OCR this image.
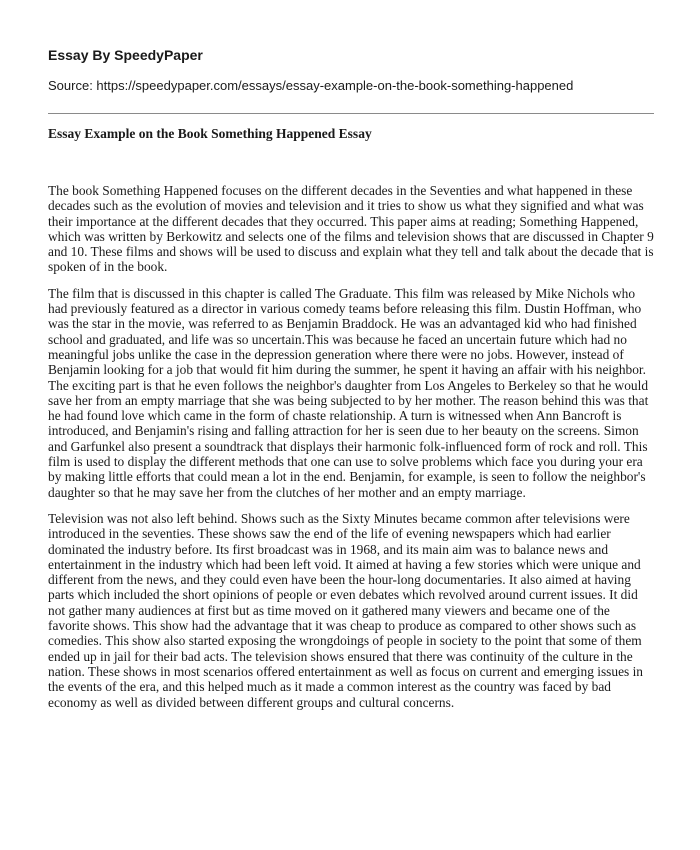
Essay By SpeedyPaper
Source: https://speedypaper.com/essays/essay-example-on-the-book-something-happened
Essay Example on the Book Something Happened Essay

The book Something Happened focuses on the different decades in the Seventies and what happened in these decades such as the evolution of movies and television and it tries to show us what they signified and what was their importance at the different decades that they occurred. This paper aims at reading; Something Happened, which was written by Berkowitz and selects one of the films and television shows that are discussed in Chapter 9 and 10. These films and shows will be used to discuss and explain what they tell and talk about the decade that is spoken of in the book.

The film that is discussed in this chapter is called The Graduate. This film was released by Mike Nichols who had previously featured as a director in various comedy teams before releasing this film. Dustin Hoffman, who was the star in the movie, was referred to as Benjamin Braddock. He was an advantaged kid who had finished school and graduated, and life was so uncertain.This was because he faced an uncertain future which had no meaningful jobs unlike the case in the depression generation where there were no jobs. However, instead of Benjamin looking for a job that would fit him during the summer, he spent it having an affair with his neighbor. The exciting part is that he even follows the neighbor's daughter from Los Angeles to Berkeley so that he would save her from an empty marriage that she was being subjected to by her mother. The reason behind this was that he had found love which came in the form of chaste relationship. A turn is witnessed when Ann Bancroft is introduced, and Benjamin's rising and falling attraction for her is seen due to her beauty on the screens. Simon and Garfunkel also present a soundtrack that displays their harmonic folk-influenced form of rock and roll. This film is used to display the different methods that one can use to solve problems which face you during your era by making little efforts that could mean a lot in the end. Benjamin, for example, is seen to follow the neighbor's daughter so that he may save her from the clutches of her mother and an empty marriage.

Television was not also left behind. Shows such as the Sixty Minutes became common after televisions were introduced in the seventies. These shows saw the end of the life of evening newspapers which had earlier dominated the industry before. Its first broadcast was in 1968, and its main aim was to balance news and entertainment in the industry which had been left void. It aimed at having a few stories which were unique and different from the news, and they could even have been the hour-long documentaries. It also aimed at having parts which included the short opinions of people or even debates which revolved around current issues. It did not gather many audiences at first but as time moved on it gathered many viewers and became one of the favorite shows. This show had the advantage that it was cheap to produce as compared to other shows such as comedies. This show also started exposing the wrongdoings of people in society to the point that some of them ended up in jail for their bad acts. The television shows ensured that there was continuity of the culture in the nation. These shows in most scenarios offered entertainment as well as focus on current and emerging issues in the events of the era, and this helped much as it made a common interest as the country was faced by bad economy as well as divided between different groups and cultural concerns.
